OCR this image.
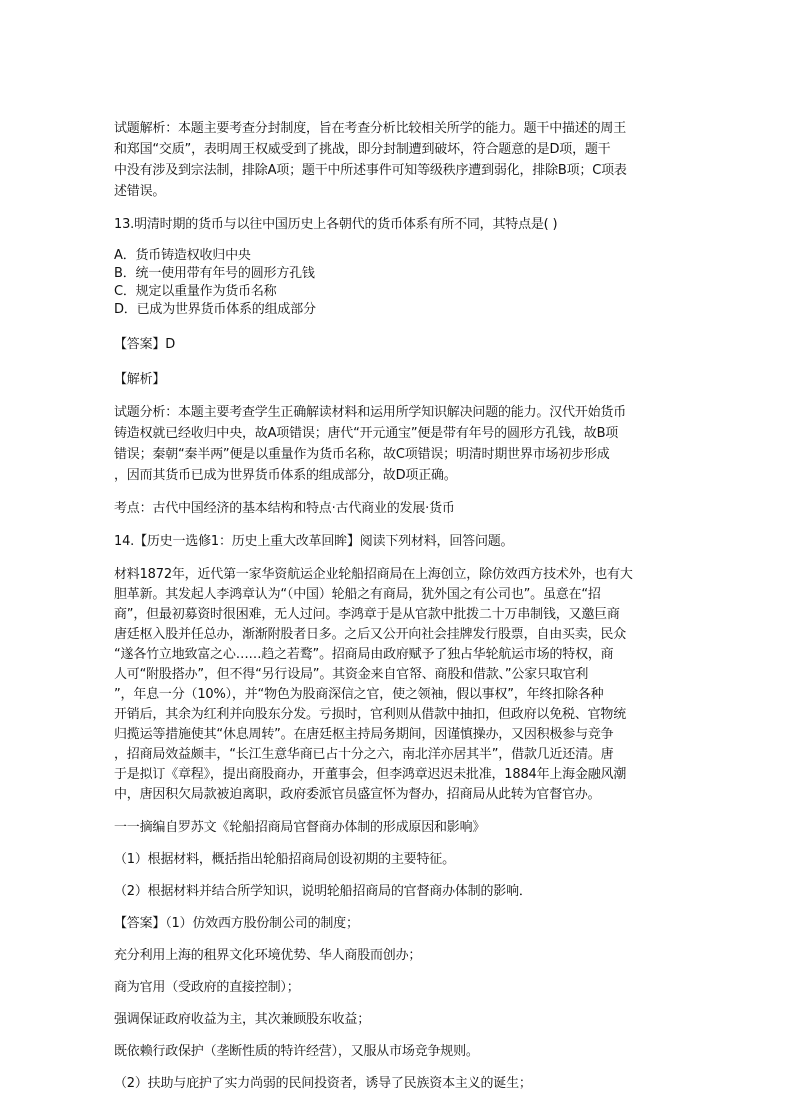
试题解析：本题主要考查分封制度，旨在考查分析比较相关所学的能力。题干中描述的周王

和郑国“交质”，表明周王权威受到了挑战，即分封制遭到破坏，符合题意的是D项，题干

中没有涉及到宗法制，排除A项；题干中所述事件可知等级秩序遭到弱化，排除B项；C项表

述错误。

13.明清时期的货币与以往中国历史上各朝代的货币体系有所不同，其特点是( )

A．货币铸造权收归中央

B．统一使用带有年号的圆形方孔钱

C．规定以重量作为货币名称

D．已成为世界货币体系的组成部分

【答案】D

【解析】

试题分析：本题主要考查学生正确解读材料和运用所学知识解决问题的能力。汉代开始货币

铸造权就已经收归中央，故A项错误；唐代“开元通宝”便是带有年号的圆形方孔钱，故B项

错误；秦朝“秦半两”便是以重量作为货币名称，故C项错误；明清时期世界市场初步形成

，因而其货币已成为世界货币体系的组成部分，故D项正确。

考点：古代中国经济的基本结构和特点·古代商业的发展·货币

14.【历史一选修1：历史上重大改革回眸】阅读下列材料，回答问题。

材料1872年，近代第一家华资航运企业轮船招商局在上海创立，除仿效西方技术外，也有大

胆革新。其发起人李鸿章认为“（中国）轮船之有商局，犹外国之有公司也”。虽意在“招

商”，但最初募资时很困难，无人过问。李鸿章于是从官款中批拨二十万串制钱，又邀巨商

唐廷枢入股并任总办，渐渐附股者日多。之后又公开向社会挂牌发行股票，自由买卖，民众

“遂各竹立地致富之心……趋之若鹜”。招商局由政府赋予了独占华轮航运市场的特权，商

人可“附股搭办”，但不得“另行设局”。其资金来自官帑、商股和借款、”公家只取官利

”，年息一分（10%），并“物色为股商深信之官，使之领袖，假以事权”，年终扣除各种

开销后，其余为红利并向股东分发。亏损时，官利则从借款中抽扣，但政府以免税、官物统

归揽运等措施使其“休息周转”。在唐廷枢主持局务期间，因谨慎操办，又因积极参与竞争

，招商局效益颇丰，“长江生意华商已占十分之六，南北洋亦居其半”，借款几近还清。唐

于是拟订《章程》，提出商股商办，开董事会，但李鸿章迟迟未批准，1884年上海金融风潮

中，唐因积欠局款被迫离职，政府委派官员盛宣怀为督办，招商局从此转为官督官办。

一一摘编自罗苏文《轮船招商局官督商办体制的形成原因和影响》

（1）根据材料，概括指出轮船招商局创设初期的主要特征。

（2）根据材料并结合所学知识，说明轮船招商局的官督商办体制的影响．

【答案】（1）仿效西方股份制公司的制度；

充分利用上海的租界文化环境优势、华人商股而创办；

商为官用（受政府的直接控制）；

强调保证政府收益为主，其次兼顾股东收益；

既依赖行政保护（垄断性质的特许经营），又服从市场竞争规则。

（2）扶助与庇护了实力尚弱的民间投资者，诱导了民族资本主义的诞生；
